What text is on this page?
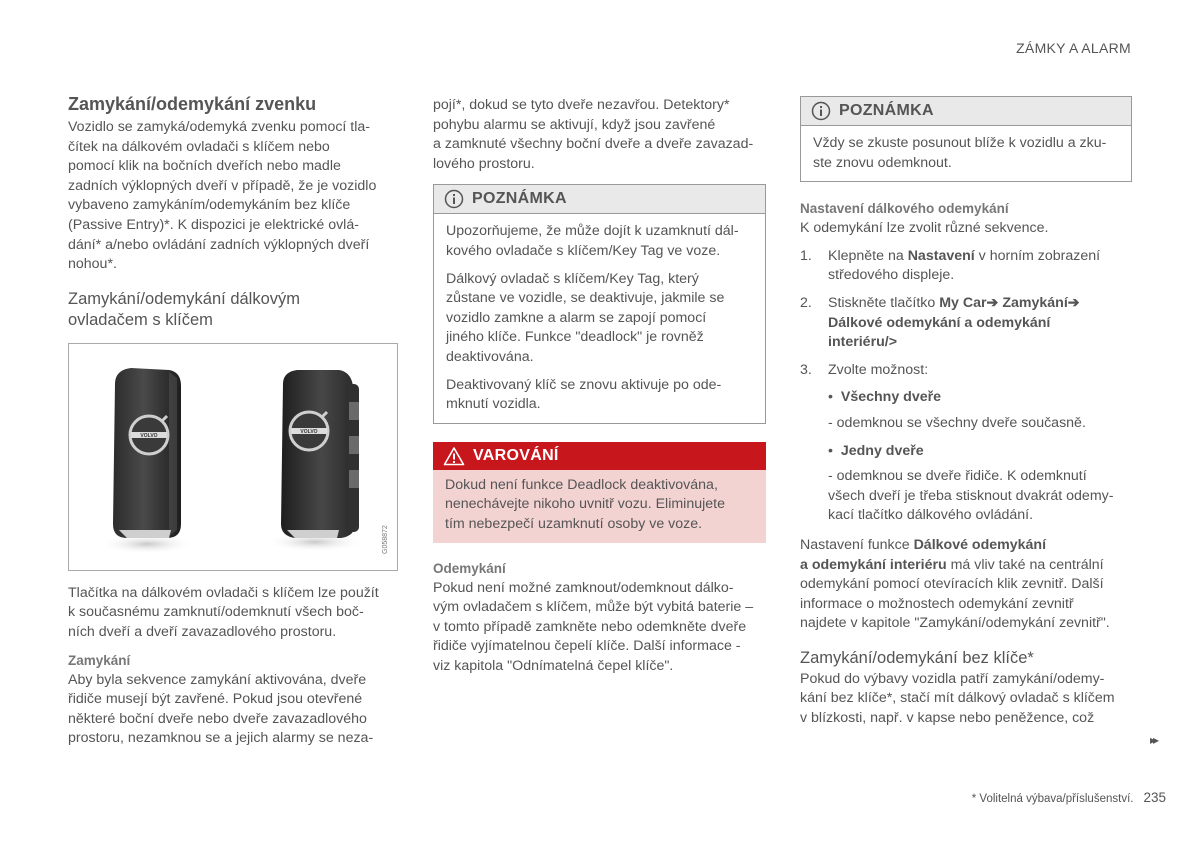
ZÁMKY A ALARM
Zamykání/odemykání zvenku

Vozidlo se zamyká/odemyká zvenku pomocí tla-
čítek na dálkovém ovladači s klíčem nebo
pomocí klik na bočních dveřích nebo madle
zadních výklopných dveří v případě, že je vozidlo
vybaveno zamykáním/odemykáním bez klíče
(Passive Entry)*. K dispozici je elektrické ovlá-
dání* a/nebo ovládání zadních výklopných dveří
nohou*.

Zamykání/odemykání dálkovým
ovladačem s klíčem
VOLVO
VOLVO
G058872

Tlačítka na dálkovém ovladači s klíčem lze použít
k současnému zamknutí/odemknutí všech boč-
ních dveří a dveří zavazadlového prostoru.

Zamykání

Aby byla sekvence zamykání aktivována, dveře
řidiče musejí být zavřené. Pokud jsou otevřené
některé boční dveře nebo dveře zavazadlového
prostoru, nezamknou se a jejich alarmy se neza-

pojí*, dokud se tyto dveře nezavřou. Detektory*
pohybu alarmu se aktivují, když jsou zavřené
a zamknuté všechny boční dveře a dveře zavazad-
lového prostoru.

POZNÁMKA

Upozorňujeme, že může dojít k uzamknutí dál-
kového ovladače s klíčem/Key Tag ve voze.

Dálkový ovladač s klíčem/Key Tag, který
zůstane ve vozidle, se deaktivuje, jakmile se
vozidlo zamkne a alarm se zapojí pomocí
jiného klíče. Funkce "deadlock" je rovněž
deaktivována.

Deaktivovaný klíč se znovu aktivuje po ode-
mknutí vozidla.

VAROVÁNÍ

Dokud není funkce Deadlock deaktivována,
nenechávejte nikoho uvnitř vozu. Eliminujete
tím nebezpečí uzamknutí osoby ve voze.

Odemykání

Pokud není možné zamknout/odemknout dálko-
vým ovladačem s klíčem, může být vybitá baterie –
v tomto případě zamkněte nebo odemkněte dveře
řidiče vyjímatelnou čepelí klíče. Další informace -
viz kapitola "Odnímatelná čepel klíče".

POZNÁMKA

Vždy se zkuste posunout blíže k vozidlu a zku-
ste znovu odemknout.

Nastavení dálkového odemykání

K odemykání lze zvolit různé sekvence.

1.	Klepněte na Nastavení v horním zobrazení
středového displeje.

2.	Stiskněte tlačítko My Car➔ Zamykání➔
Dálkové odemykání a odemykání
interiéru/>

3.	Zvolte možnost:

• Všechny dveře

- odemknou se všechny dveře současně.

• Jedny dveře

- odemknou se dveře řidiče. K odemknutí
všech dveří je třeba stisknout dvakrát odemy-
kací tlačítko dálkového ovládání.

Nastavení funkce Dálkové odemykání
a odemykání interiéru má vliv také na centrální
odemykání pomocí otevíracích klik zevnitř. Další
informace o možnostech odemykání zevnitř
najdete v kapitole "Zamykání/odemykání zevnitř".

Zamykání/odemykání bez klíče*

Pokud do výbavy vozidla patří zamykání/odemy-
kání bez klíče*, stačí mít dálkový ovladač s klíčem
v blízkosti, např. v kapse nebo peněžence, což

▸▸
* Volitelná výbava/příslušenství. 235
